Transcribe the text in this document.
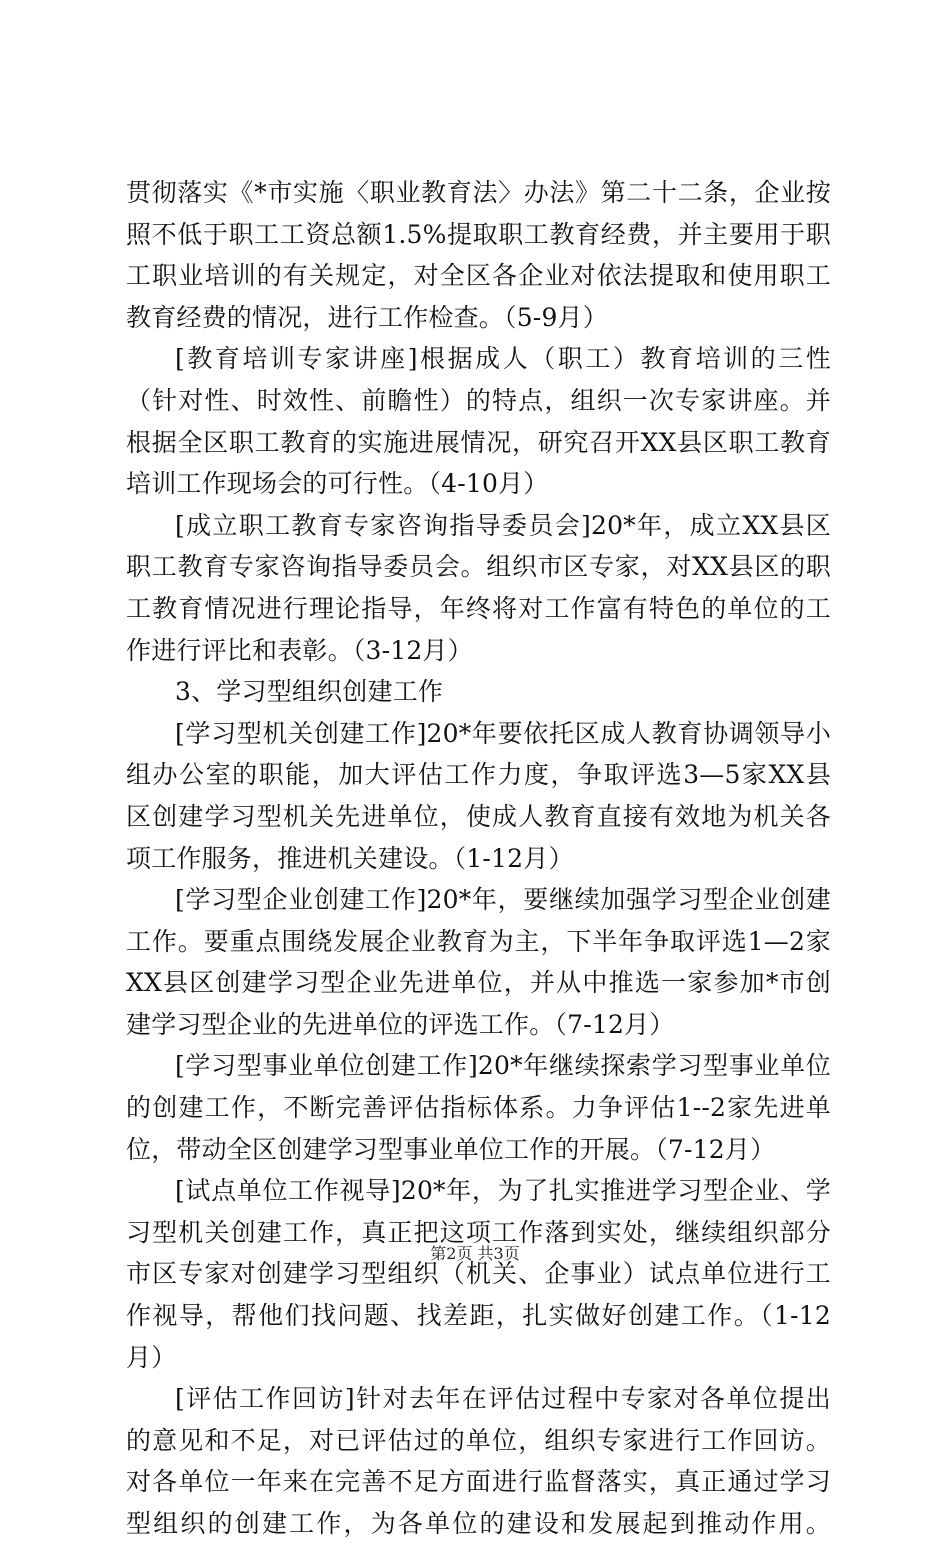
贯彻落实《*市实施〈职业教育法〉办法》第二十二条，企业按
照不低于职工工资总额1.5%提取职工教育经费，并主要用于职
工职业培训的有关规定，对全区各企业对依法提取和使用职工
教育经费的情况，进行工作检查。（5-9月）
[教育培训专家讲座]根据成人（职工）教育培训的三性
（针对性、时效性、前瞻性）的特点，组织一次专家讲座。并
根据全区职工教育的实施进展情况，研究召开XX县区职工教育
培训工作现场会的可行性。（4-10月）
[成立职工教育专家咨询指导委员会]20*年，成立XX县区
职工教育专家咨询指导委员会。组织市区专家，对XX县区的职
工教育情况进行理论指导，年终将对工作富有特色的单位的工
作进行评比和表彰。（3-12月）
3、学习型组织创建工作
[学习型机关创建工作]20*年要依托区成人教育协调领导小
组办公室的职能，加大评估工作力度，争取评选3—5家XX县
区创建学习型机关先进单位，使成人教育直接有效地为机关各
项工作服务，推进机关建设。（1-12月）
[学习型企业创建工作]20*年，要继续加强学习型企业创建
工作。要重点围绕发展企业教育为主，下半年争取评选1—2家
XX县区创建学习型企业先进单位，并从中推选一家参加*市创
建学习型企业的先进单位的评选工作。（7-12月）
[学习型事业单位创建工作]20*年继续探索学习型事业单位
的创建工作，不断完善评估指标体系。力争评估1--2家先进单
位，带动全区创建学习型事业单位工作的开展。（7-12月）
[试点单位工作视导]20*年，为了扎实推进学习型企业、学
习型机关创建工作，真正把这项工作落到实处，继续组织部分
市区专家对创建学习型组织（机关、企事业）试点单位进行工
作视导，帮他们找问题、找差距，扎实做好创建工作。（1-12
月）
[评估工作回访]针对去年在评估过程中专家对各单位提出
的意见和不足，对已评估过的单位，组织专家进行工作回访。
对各单位一年来在完善不足方面进行监督落实，真正通过学习
型组织的创建工作，为各单位的建设和发展起到推动作用。
第2页 共3页
